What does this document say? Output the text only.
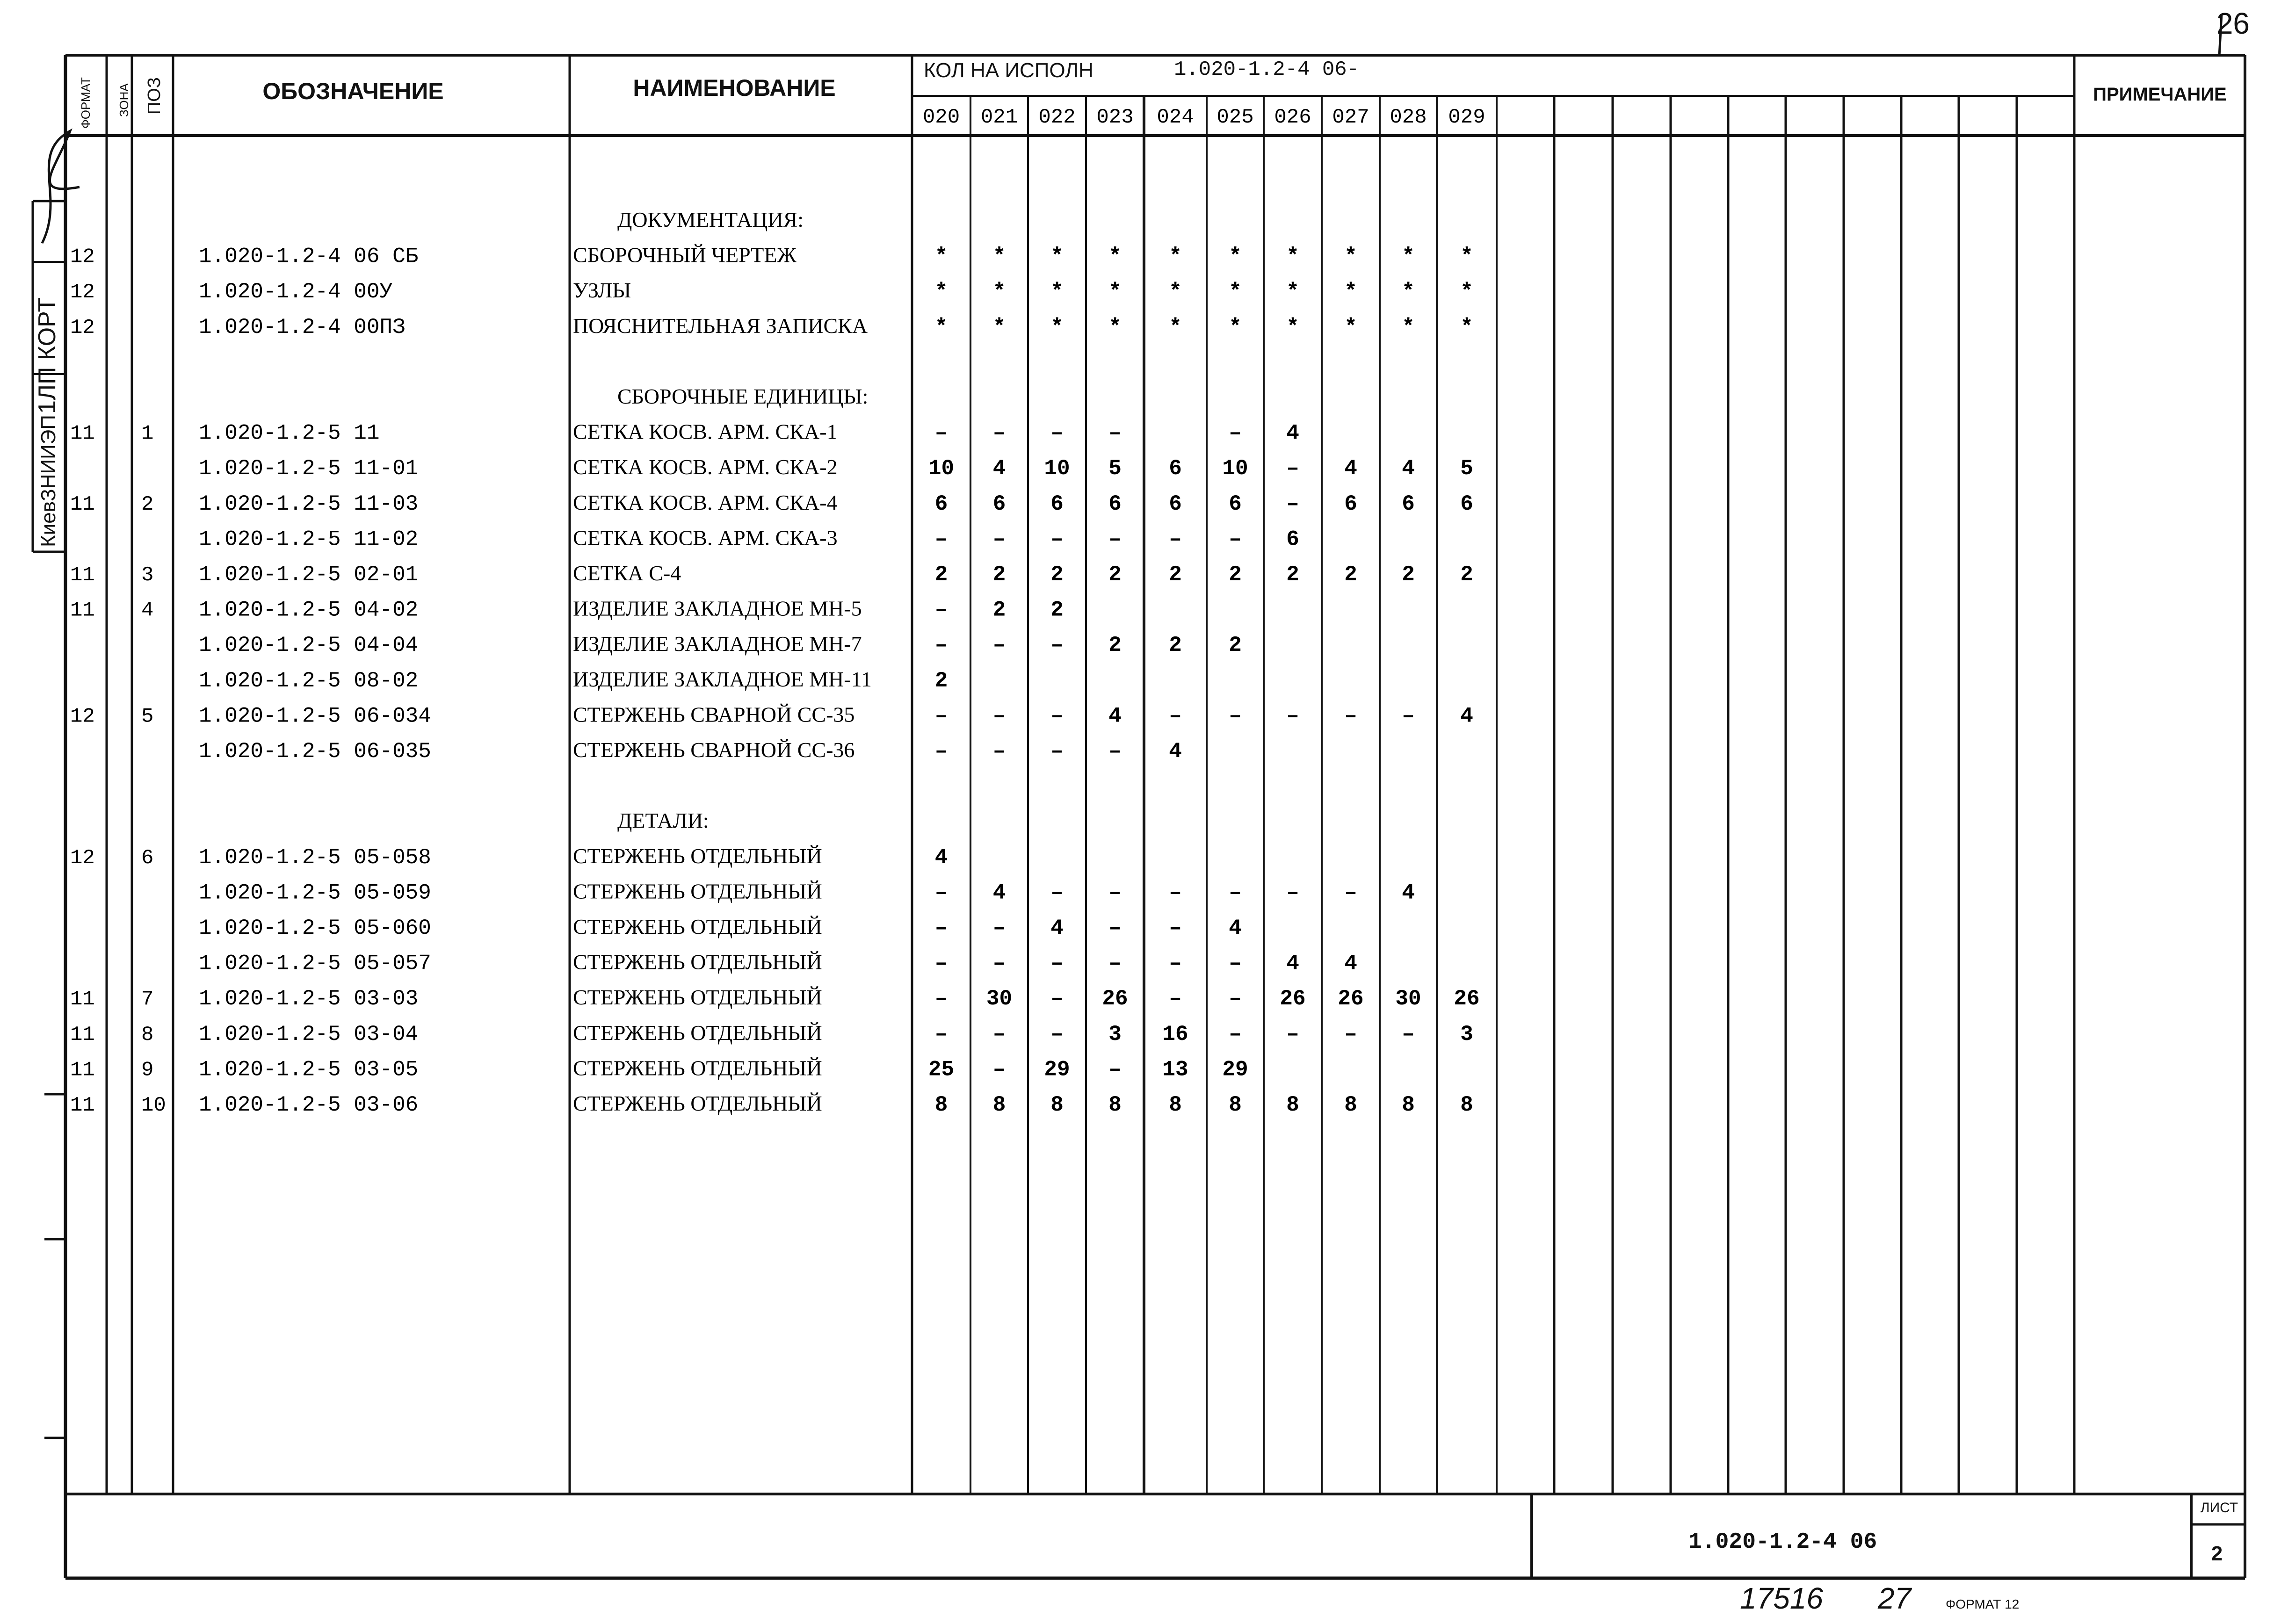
26
ФОРМАТ ЗОНА ПОЗ	ОБОЗНАЧЕНИЕ	НАИМЕНОВАНИЕ
КОЛ НА ИСПОЛН	1.020-1.2-4 06-
ПРИМЕЧАНИЕ
КиевЗНИИЭП
1ЛП КОРТ
1.020-1.2-4 06
ЛИСТ
2
17516 27	ФОРМАТ 12
ДОКУМЕНТАЦИЯ:
12	1.020-1.2-4 06 СБ	СБОРОЧНЫЙ ЧЕРТЕЖ	* * * * * * * * * *
12	1.020-1.2-4 00У	УЗЛЫ	* * * * * * * * * *
12	1.020-1.2-4 00ПЗ	ПОЯСНИТЕЛЬНАЯ ЗАПИСКА	* * * * * * * * * *
СБОРОЧНЫЕ ЕДИНИЦЫ:
11 1 1.020-1.2-5 11	СЕТКА КОСВ. АРМ. СКА-1	– – – –	– 4
1.020-1.2-5 11-01	СЕТКА КОСВ. АРМ. СКА-2	10 4 10 5 6 10 – 4 4 5
11 2 1.020-1.2-5 11-03	СЕТКА КОСВ. АРМ. СКА-4	6 6 6 6 6 6 – 6 6 6
1.020-1.2-5 11-02	СЕТКА КОСВ. АРМ. СКА-3	– – – – – – 6
11 3 1.020-1.2-5 02-01	СЕТКА С-4	2 2 2 2 2 2 2 2 2 2
11 4 1.020-1.2-5 04-02	ИЗДЕЛИЕ ЗАКЛАДНОЕ МН-5	– 2 2
1.020-1.2-5 04-04	ИЗДЕЛИЕ ЗАКЛАДНОЕ МН-7	– – – 2 2 2
1.020-1.2-5 08-02	ИЗДЕЛИЕ ЗАКЛАДНОЕ МН-11	2
12 5 1.020-1.2-5 06-034	СТЕРЖЕНЬ СВАРНОЙ СС-35	– – – 4 – – – – – 4
1.020-1.2-5 06-035	СТЕРЖЕНЬ СВАРНОЙ СС-36	– – – – 4
ДЕТАЛИ:
12 6 1.020-1.2-5 05-058	СТЕРЖЕНЬ ОТДЕЛЬНЫЙ	4
1.020-1.2-5 05-059	СТЕРЖЕНЬ ОТДЕЛЬНЫЙ	– 4 – – – – – – 4
1.020-1.2-5 05-060	СТЕРЖЕНЬ ОТДЕЛЬНЫЙ	– – 4 – – 4
1.020-1.2-5 05-057	СТЕРЖЕНЬ ОТДЕЛЬНЫЙ	– – – – – – 4 4
11 7 1.020-1.2-5 03-03	СТЕРЖЕНЬ ОТДЕЛЬНЫЙ	– 30 – 26 – – 26 26 30 26
11 8 1.020-1.2-5 03-04	СТЕРЖЕНЬ ОТДЕЛЬНЫЙ	– – – 3 16 – – – – 3
11 9 1.020-1.2-5 03-05	СТЕРЖЕНЬ ОТДЕЛЬНЫЙ	25 – 29 – 13 29
11 10 1.020-1.2-5 03-06	СТЕРЖЕНЬ ОТДЕЛЬНЫЙ	8 8 8 8 8 8 8 8 8 8
020 021 022 023 024 025 026 027 028 029
